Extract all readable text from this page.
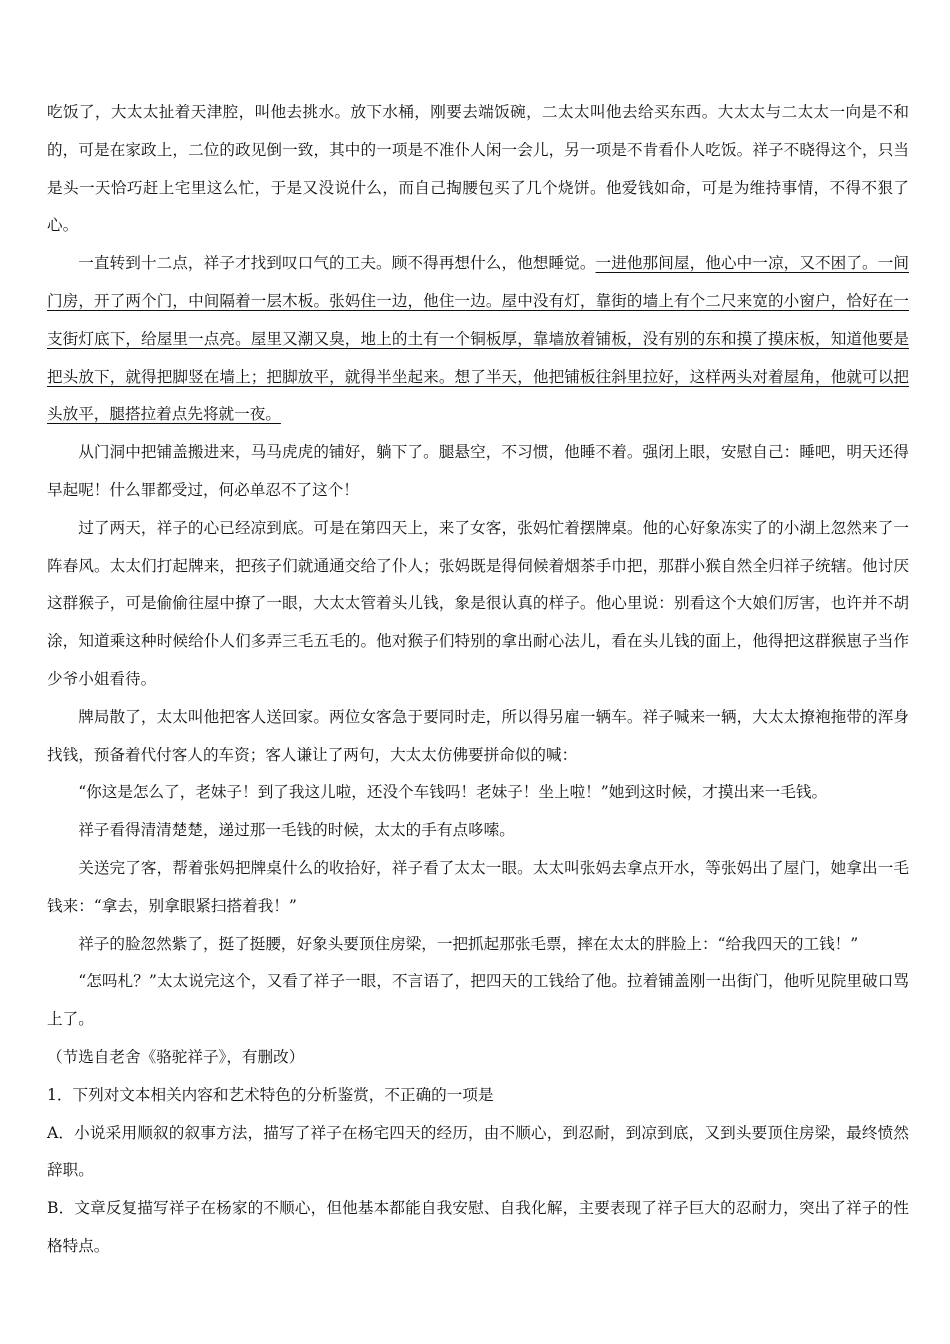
吃饭了，大太太扯着天津腔，叫他去挑水。放下水桶，刚要去端饭碗，二太太叫他去给买东西。大太太与二太太一向是不和的，可是在家政上，二位的政见倒一致，其中的一项是不准仆人闲一会儿，另一项是不肯看仆人吃饭。祥子不晓得这个，只当是头一天恰巧赶上宅里这么忙，于是又没说什么，而自己掏腰包买了几个烧饼。他爱钱如命，可是为维持事情，不得不狠了心。

一直转到十二点，祥子才找到叹口气的工夫。顾不得再想什么，他想睡觉。一进他那间屋，他心中一凉，又不困了。一间门房，开了两个门，中间隔着一层木板。张妈住一边，他住一边。屋中没有灯，靠街的墙上有个二尺来宽的小窗户，恰好在一支街灯底下，给屋里一点亮。屋里又潮又臭，地上的土有一个铜板厚，靠墙放着铺板，没有别的东和摸了摸床板，知道他要是把头放下，就得把脚竖在墙上；把脚放平，就得半坐起来。想了半天，他把铺板往斜里拉好，这样两头对着屋角，他就可以把头放平，腿搭拉着点先将就一夜。

从门洞中把铺盖搬进来，马马虎虎的铺好，躺下了。腿悬空，不习惯，他睡不着。强闭上眼，安慰自己：睡吧，明天还得早起呢！什么罪都受过，何必单忍不了这个！

过了两天，祥子的心已经凉到底。可是在第四天上，来了女客，张妈忙着摆牌桌。他的心好象冻实了的小湖上忽然来了一阵春风。太太们打起牌来，把孩子们就通通交给了仆人；张妈既是得伺候着烟茶手巾把，那群小猴自然全归祥子统辖。他讨厌这群猴子，可是偷偷往屋中撩了一眼，大太太管着头儿钱，象是很认真的样子。他心里说：别看这个大娘们厉害，也许并不胡涂，知道乘这种时候给仆人们多弄三毛五毛的。他对猴子们特别的拿出耐心法儿，看在头儿钱的面上，他得把这群猴崽子当作少爷小姐看待。

牌局散了，太太叫他把客人送回家。两位女客急于要同时走，所以得另雇一辆车。祥子喊来一辆，大太太撩袍拖带的浑身找钱，预备着代付客人的车资；客人谦让了两句，大太太仿佛要拼命似的喊：

“你这是怎么了，老妹子！到了我这儿啦，还没个车钱吗！老妹子！坐上啦！”她到这时候，才摸出来一毛钱。

祥子看得清清楚楚，递过那一毛钱的时候，太太的手有点哆嗦。

关送完了客，帮着张妈把牌桌什么的收拾好，祥子看了太太一眼。太太叫张妈去拿点开水，等张妈出了屋门，她拿出一毛钱来：“拿去，别拿眼紧扫搭着我！”

祥子的脸忽然紫了，挺了挺腰，好象头要顶住房梁，一把抓起那张毛票，摔在太太的胖脸上：“给我四天的工钱！”

“怎吗札？”太太说完这个，又看了祥子一眼，不言语了，把四天的工钱给了他。拉着铺盖刚一出街门，他听见院里破口骂上了。

（节选自老舍《骆驼祥子》，有删改）

1．下列对文本相关内容和艺术特色的分析鉴赏，不正确的一项是

A．小说采用顺叙的叙事方法，描写了祥子在杨宅四天的经历，由不顺心，到忍耐，到凉到底，又到头要顶住房梁，最终愤然辞职。

B．文章反复描写祥子在杨家的不顺心，但他基本都能自我安慰、自我化解，主要表现了祥子巨大的忍耐力，突出了祥子的性格特点。
